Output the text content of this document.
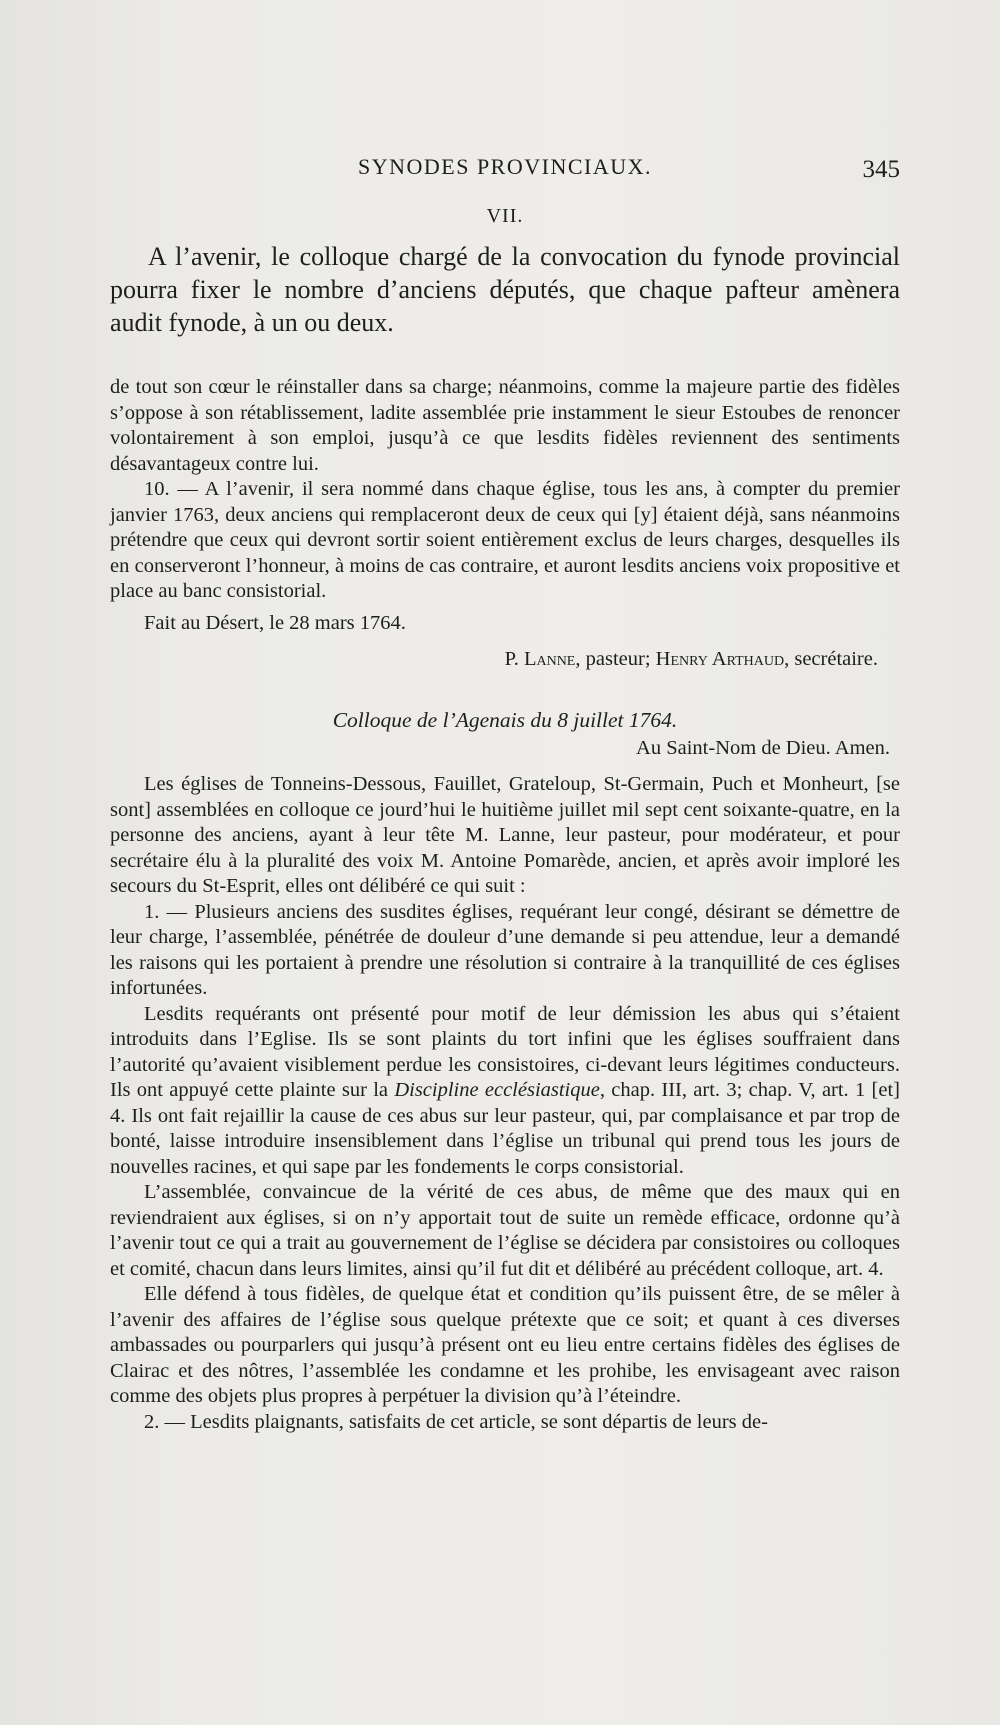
SYNODES PROVINCIAUX.	345
VII.

A l’avenir, le colloque chargé de la convocation du fynode provincial pourra fixer le nombre d’anciens députés, que chaque pafteur amènera audit fynode, à un ou deux.

de tout son cœur le réinstaller dans sa charge; néanmoins, comme la majeure partie des fidèles s’oppose à son rétablissement, ladite assemblée prie instamment le sieur Estoubes de renoncer volontairement à son emploi, jusqu’à ce que lesdits fidèles reviennent des sentiments désavantageux contre lui.

10. — A l’avenir, il sera nommé dans chaque église, tous les ans, à compter du premier janvier 1763, deux anciens qui remplaceront deux de ceux qui [y] étaient déjà, sans néanmoins prétendre que ceux qui devront sortir soient entièrement exclus de leurs charges, desquelles ils en conserveront l’honneur, à moins de cas contraire, et auront lesdits anciens voix propositive et place au banc consistorial.

Fait au Désert, le 28 mars 1764.

P. Lanne, pasteur; Henry Arthaud, secrétaire.

Colloque de l’Agenais du 8 juillet 1764.
Au Saint-Nom de Dieu. Amen.

Les églises de Tonneins-Dessous, Fauillet, Grateloup, St-Germain, Puch et Monheurt, [se sont] assemblées en colloque ce jourd’hui le huitième juillet mil sept cent soixante-quatre, en la personne des anciens, ayant à leur tête M. Lanne, leur pasteur, pour modérateur, et pour secrétaire élu à la pluralité des voix M. Antoine Pomarède, ancien, et après avoir imploré les secours du St-Esprit, elles ont délibéré ce qui suit :

1. — Plusieurs anciens des susdites églises, requérant leur congé, désirant se démettre de leur charge, l’assemblée, pénétrée de douleur d’une demande si peu attendue, leur a demandé les raisons qui les portaient à prendre une résolution si contraire à la tranquillité de ces églises infortunées.

Lesdits requérants ont présenté pour motif de leur démission les abus qui s’étaient introduits dans l’Eglise. Ils se sont plaints du tort infini que les églises souffraient dans l’autorité qu’avaient visiblement perdue les consistoires, ci-devant leurs légitimes conducteurs. Ils ont appuyé cette plainte sur la Discipline ecclésiastique, chap. III, art. 3; chap. V, art. 1 [et] 4. Ils ont fait rejaillir la cause de ces abus sur leur pasteur, qui, par complaisance et par trop de bonté, laisse introduire insensiblement dans l’église un tribunal qui prend tous les jours de nouvelles racines, et qui sape par les fondements le corps consistorial.

L’assemblée, convaincue de la vérité de ces abus, de même que des maux qui en reviendraient aux églises, si on n’y apportait tout de suite un remède efficace, ordonne qu’à l’avenir tout ce qui a trait au gouvernement de l’église se décidera par consistoires ou colloques et comité, chacun dans leurs limites, ainsi qu’il fut dit et délibéré au précédent colloque, art. 4.

Elle défend à tous fidèles, de quelque état et condition qu’ils puissent être, de se mêler à l’avenir des affaires de l’église sous quelque prétexte que ce soit; et quant à ces diverses ambassades ou pourparlers qui jusqu’à présent ont eu lieu entre certains fidèles des églises de Clairac et des nôtres, l’assemblée les condamne et les prohibe, les envisageant avec raison comme des objets plus propres à perpétuer la division qu’à l’éteindre.

2. — Lesdits plaignants, satisfaits de cet article, se sont départis de leurs de-
